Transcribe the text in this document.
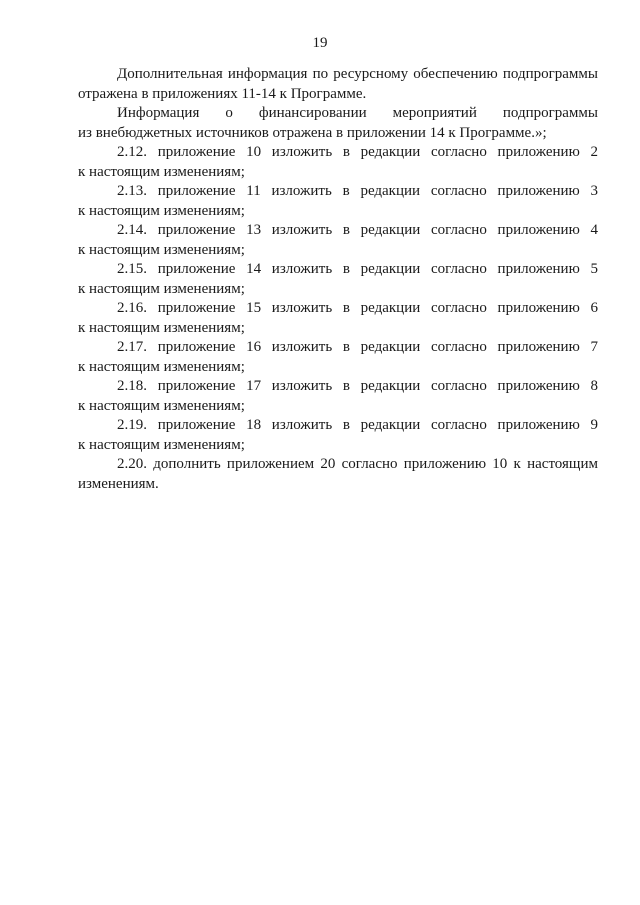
19

Дополнительная информация по ресурсному обеспечению подпрограммы
отражена в приложениях 11-14 к Программе.

Информация о финансировании мероприятий подпрограммы
из внебюджетных источников отражена в приложении 14 к Программе.»;

2.12. приложение 10 изложить в редакции согласно приложению 2
к настоящим изменениям;

2.13. приложение 11 изложить в редакции согласно приложению 3
к настоящим изменениям;

2.14. приложение 13 изложить в редакции согласно приложению 4
к настоящим изменениям;

2.15. приложение 14 изложить в редакции согласно приложению 5
к настоящим изменениям;

2.16. приложение 15 изложить в редакции согласно приложению 6
к настоящим изменениям;

2.17. приложение 16 изложить в редакции согласно приложению 7
к настоящим изменениям;

2.18. приложение 17 изложить в редакции согласно приложению 8
к настоящим изменениям;

2.19. приложение 18 изложить в редакции согласно приложению 9
к настоящим изменениям;

2.20. дополнить приложением 20 согласно приложению 10 к настоящим
изменениям.
